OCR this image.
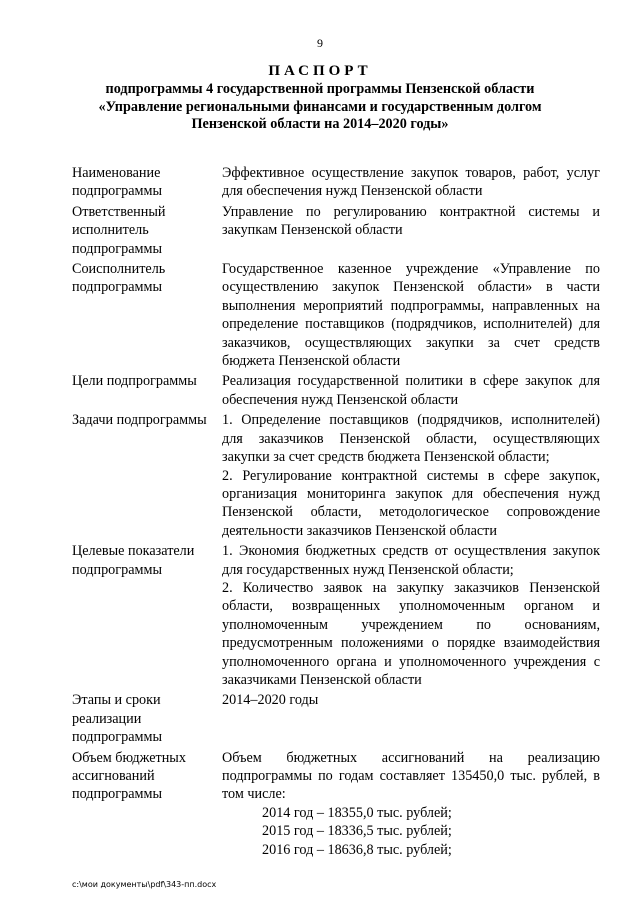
9
ПАСПОРТ
подпрограммы 4 государственной программы Пензенской области
«Управление региональными финансами и государственным долгом
Пензенской области на 2014–2020 годы»
Наименование подпрограммы	Эффективное осуществление закупок товаров, работ, услуг для обеспечения нужд Пензенской области

Ответственный исполнитель подпрограммы	Управление по регулированию контрактной системы и закупкам Пензенской области

Соисполнитель подпрограммы	Государственное казенное учреждение «Управление по осуществлению закупок Пензенской области» в части выполнения мероприятий подпрограммы, направленных на определение поставщиков (подрядчиков, исполнителей) для заказчиков, осуществляющих закупки за счет средств бюджета Пензенской области

Цели подпрограммы	Реализация государственной политики в сфере закупок для обеспечения нужд Пензенской области

Задачи подпрограммы	1. Определение поставщиков (подрядчиков, исполнителей) для заказчиков Пензенской области, осуществляющих закупки за счет средств бюджета Пензенской области;

2. Регулирование контрактной системы в сфере закупок, организация мониторинга закупок для обеспечения нужд Пензенской области, методологическое сопровождение деятельности заказчиков Пензенской области

Целевые показатели подпрограммы	1. Экономия бюджетных средств от осуществления закупок для государственных нужд Пензенской области;

2. Количество заявок на закупку заказчиков Пензенской области, возвращенных уполномоченным органом и уполномоченным учреждением по основаниям, предусмотренным положениями о порядке взаимодействия уполномоченного органа и уполномоченного учреждения с заказчиками Пензенской области

Этапы и сроки реализации подпрограммы	2014–2020 годы

Объем бюджетных ассигнований подпрограммы	Объем бюджетных ассигнований на реализацию подпрограммы по годам составляет 135450,0 тыс. рублей, в том числе:

2014 год – 18355,0 тыс. рублей;

2015 год – 18336,5 тыс. рублей;

2016 год – 18636,8 тыс. рублей;

c:\мои документы\pdf\343-пп.docx
